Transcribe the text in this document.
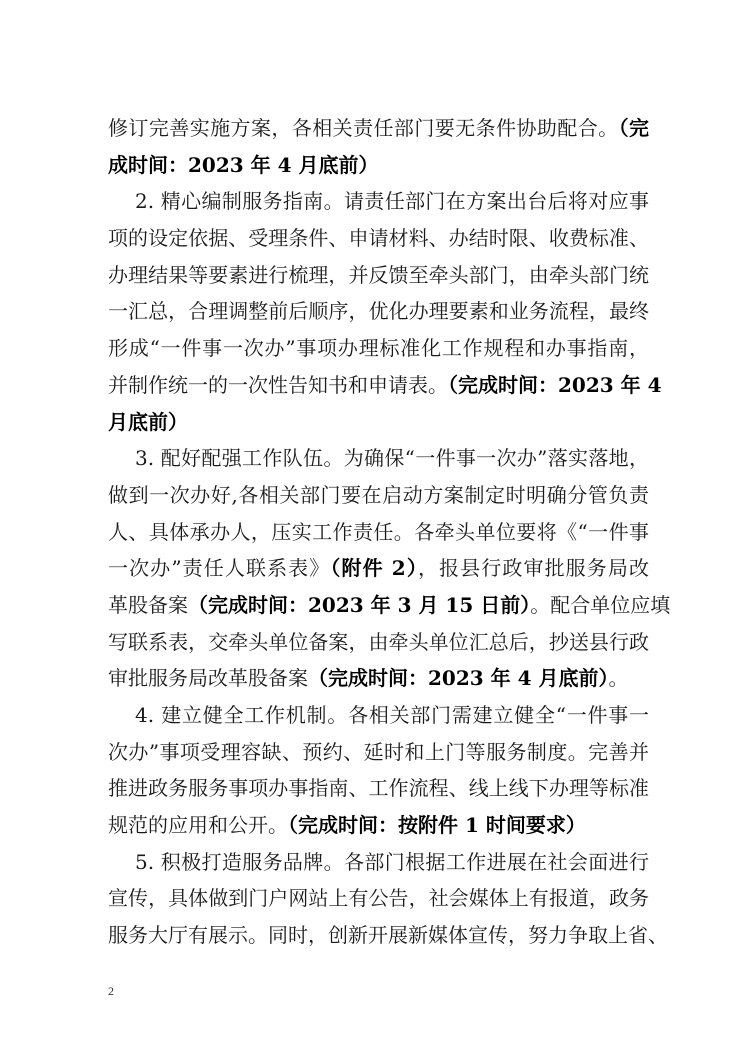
修订完善实施方案，各相关责任部门要无条件协助配合。（完
成时间：2023 年 4 月底前）
2. 精心编制服务指南。请责任部门在方案出台后将对应事
项的设定依据、受理条件、申请材料、办结时限、收费标准、
办理结果等要素进行梳理，并反馈至牵头部门，由牵头部门统
一汇总，合理调整前后顺序，优化办理要素和业务流程，最终
形成“一件事一次办”事项办理标准化工作规程和办事指南，
并制作统一的一次性告知书和申请表。（完成时间：2023 年 4
月底前）
3. 配好配强工作队伍。为确保“一件事一次办”落实落地，
做到一次办好,各相关部门要在启动方案制定时明确分管负责
人、具体承办人，压实工作责任。各牵头单位要将《“一件事
一次办”责任人联系表》（附件 2），报县行政审批服务局改
革股备案（完成时间：2023 年 3 月 15 日前）。配合单位应填
写联系表，交牵头单位备案，由牵头单位汇总后，抄送县行政
审批服务局改革股备案（完成时间：2023 年 4 月底前）。
4. 建立健全工作机制。各相关部门需建立健全“一件事一
次办”事项受理容缺、预约、延时和上门等服务制度。完善并
推进政务服务事项办事指南、工作流程、线上线下办理等标准
规范的应用和公开。（完成时间：按附件 1 时间要求）
5. 积极打造服务品牌。各部门根据工作进展在社会面进行
宣传，具体做到门户网站上有公告，社会媒体上有报道，政务
服务大厅有展示。同时，创新开展新媒体宣传，努力争取上省、
2
